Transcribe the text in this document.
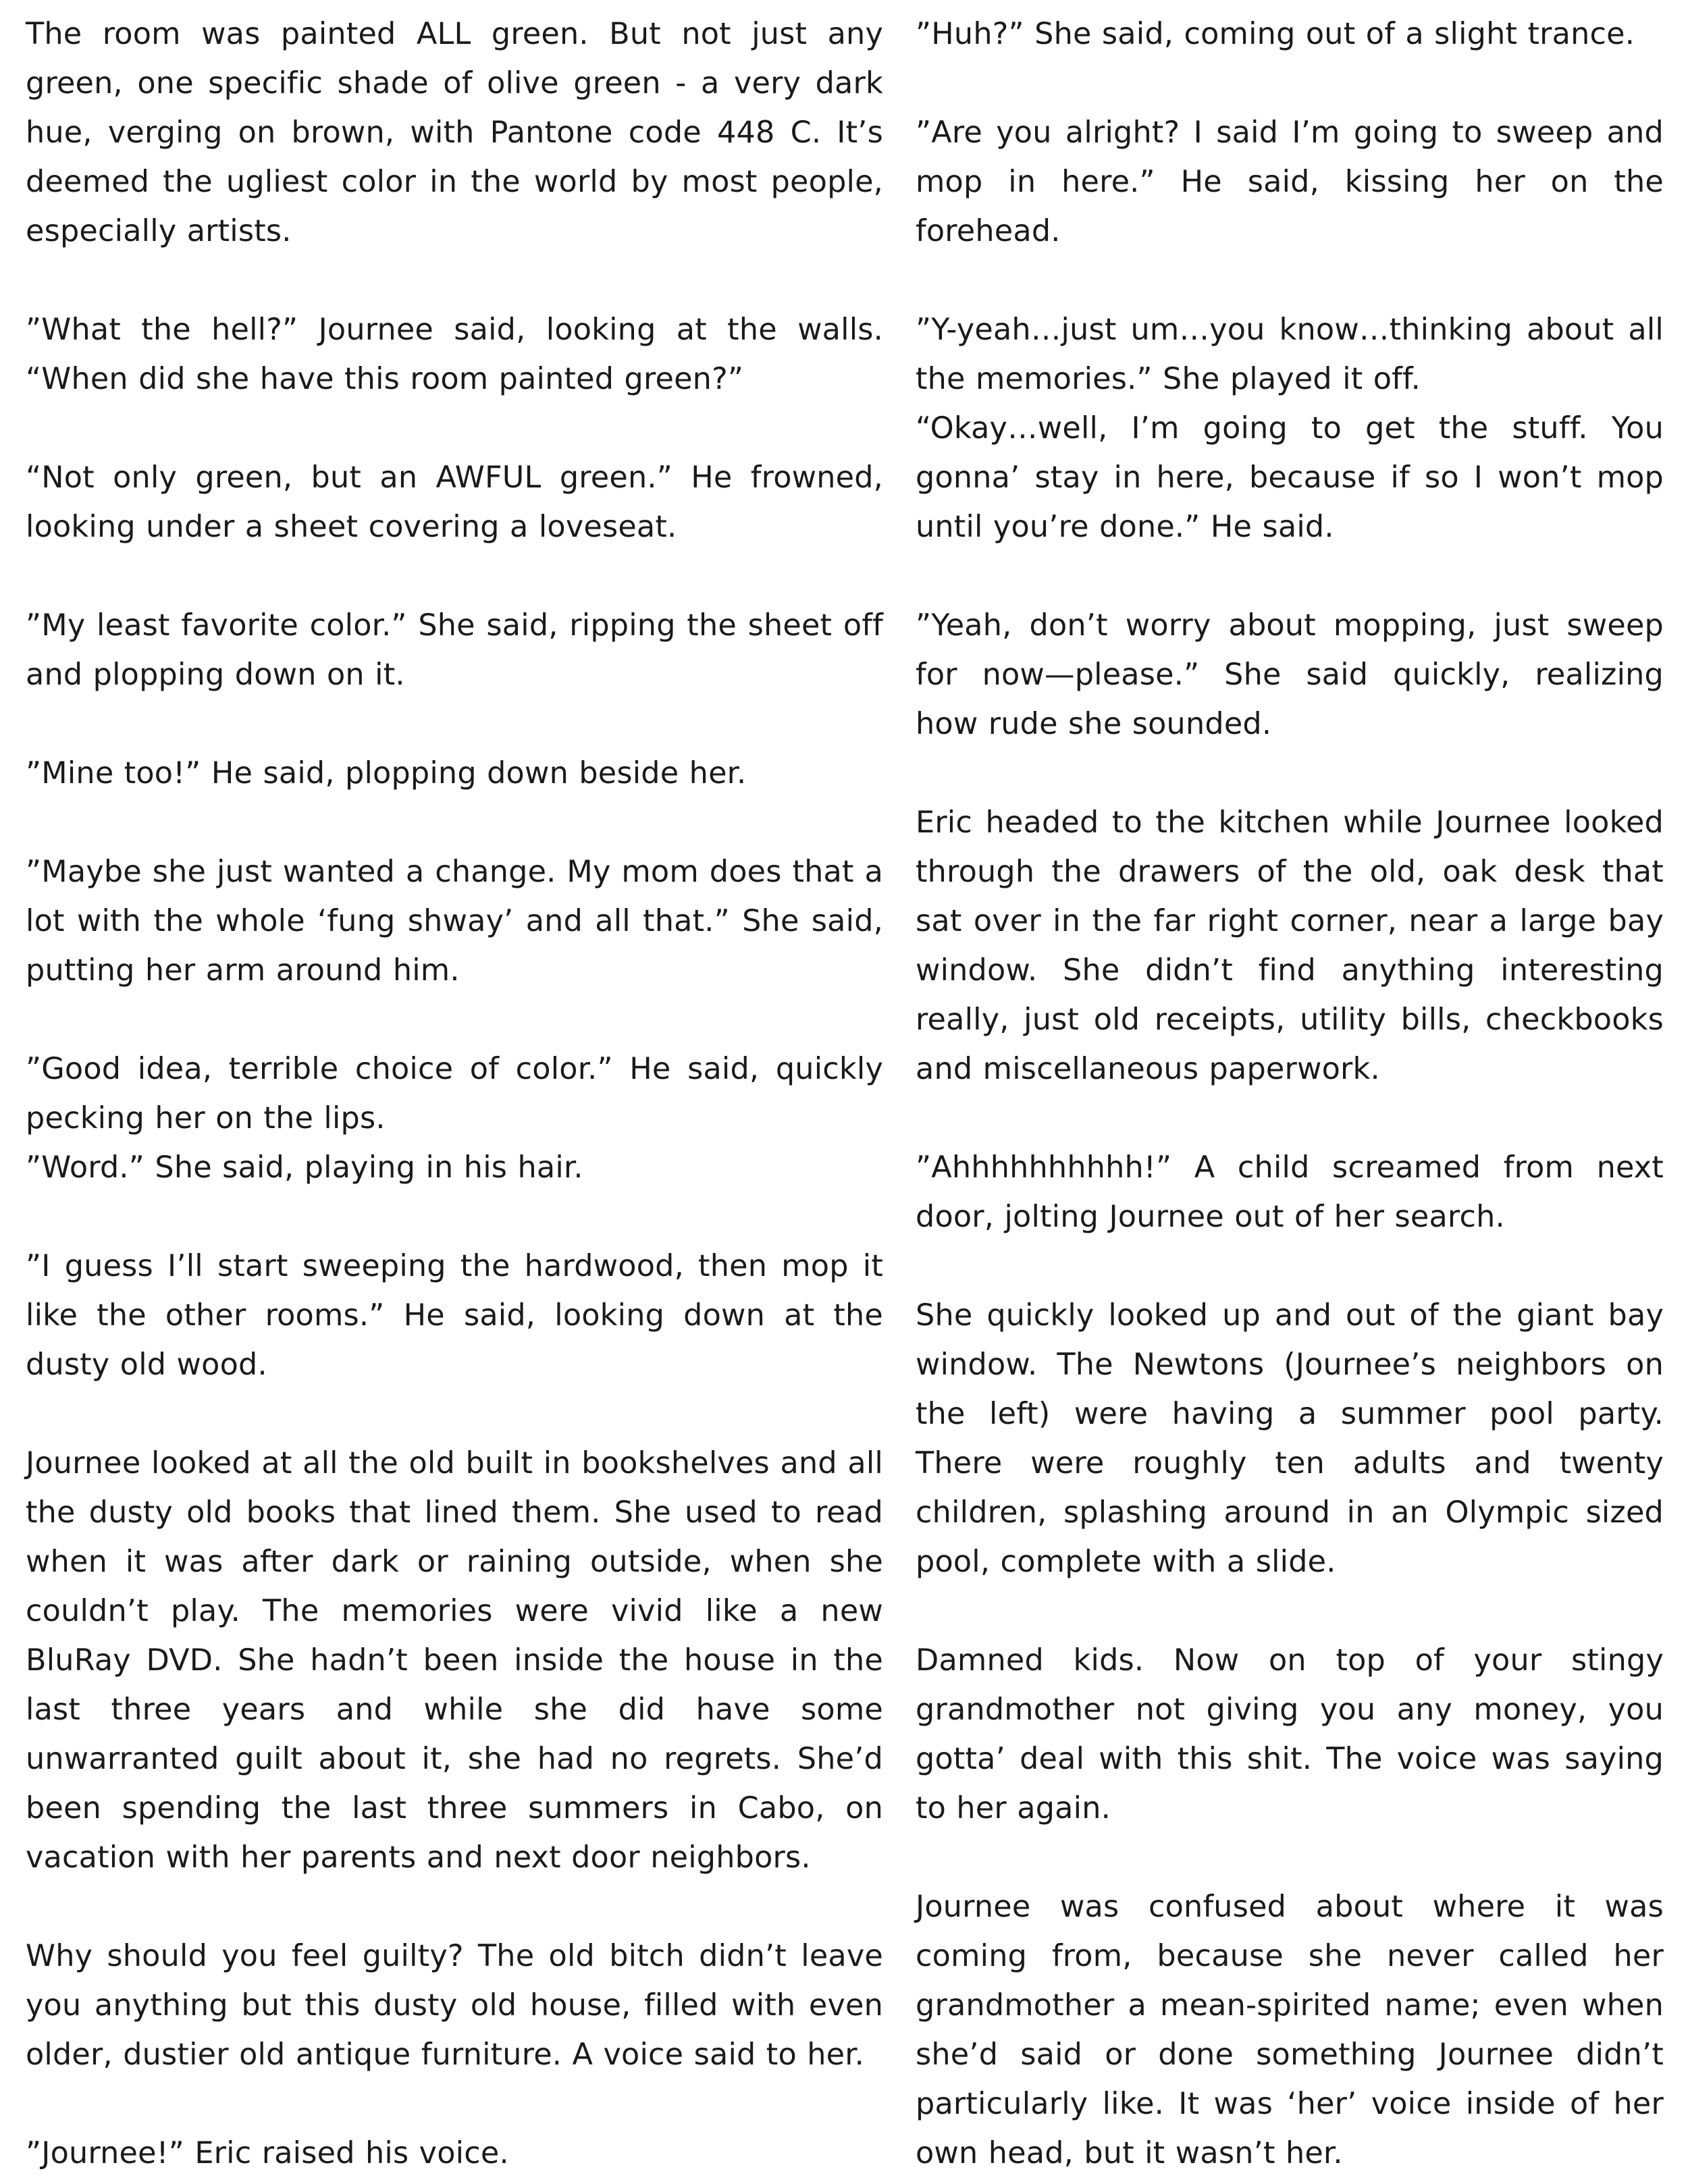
The room was painted ALL green. But not just any green, one specific shade of olive green - a very dark hue, verging on brown, with Pantone code 448 C. It’s deemed the ugliest color in the world by most people, especially artists.

”What the hell?” Journee said, looking at the walls. “When did she have this room painted green?”

“Not only green, but an AWFUL green.” He frowned, looking under a sheet covering a loveseat.

”My least favorite color.” She said, ripping the sheet off and plopping down on it.

”Mine too!” He said, plopping down beside her.

”Maybe she just wanted a change. My mom does that a lot with the whole ‘fung shway’ and all that.” She said, putting her arm around him.

”Good idea, terrible choice of color.” He said, quickly pecking her on the lips.

”Word.” She said, playing in his hair.

”I guess I’ll start sweeping the hardwood, then mop it like the other rooms.” He said, looking down at the dusty old wood.

Journee looked at all the old built in bookshelves and all the dusty old books that lined them. She used to read when it was after dark or raining outside, when she couldn’t play. The memories were vivid like a new BluRay DVD. She hadn’t been inside the house in the last three years and while she did have some unwarranted guilt about it, she had no regrets. She’d been spending the last three summers in Cabo, on vacation with her parents and next door neighbors.

Why should you feel guilty? The old bitch didn’t leave you anything but this dusty old house, filled with even older, dustier old antique furniture. A voice said to her.

”Journee!” Eric raised his voice.

”Huh?” She said, coming out of a slight trance.

”Are you alright? I said I’m going to sweep and mop in here.” He said, kissing her on the forehead.

”Y-yeah…just um…you know…thinking about all the memories.” She played it off.

“Okay…well, I’m going to get the stuff. You gonna’ stay in here, because if so I won’t mop until you’re done.” He said.

”Yeah, don’t worry about mopping, just sweep for now—please.” She said quickly, realizing how rude she sounded.

Eric headed to the kitchen while Journee looked through the drawers of the old, oak desk that sat over in the far right corner, near a large bay window. She didn’t find anything interesting really, just old receipts, utility bills, checkbooks and miscellaneous paperwork.

”Ahhhhhhhhhh!” A child screamed from next door, jolting Journee out of her search.

She quickly looked up and out of the giant bay window. The Newtons (Journee’s neighbors on the left) were having a summer pool party. There were roughly ten adults and twenty children, splashing around in an Olympic sized pool, complete with a slide.

Damned kids. Now on top of your stingy grandmother not giving you any money, you gotta’ deal with this shit. The voice was saying to her again.

Journee was confused about where it was coming from, because she never called her grandmother a mean-spirited name; even when she’d said or done something Journee didn’t particularly like. It was ‘her’ voice inside of her own head, but it wasn’t her.
